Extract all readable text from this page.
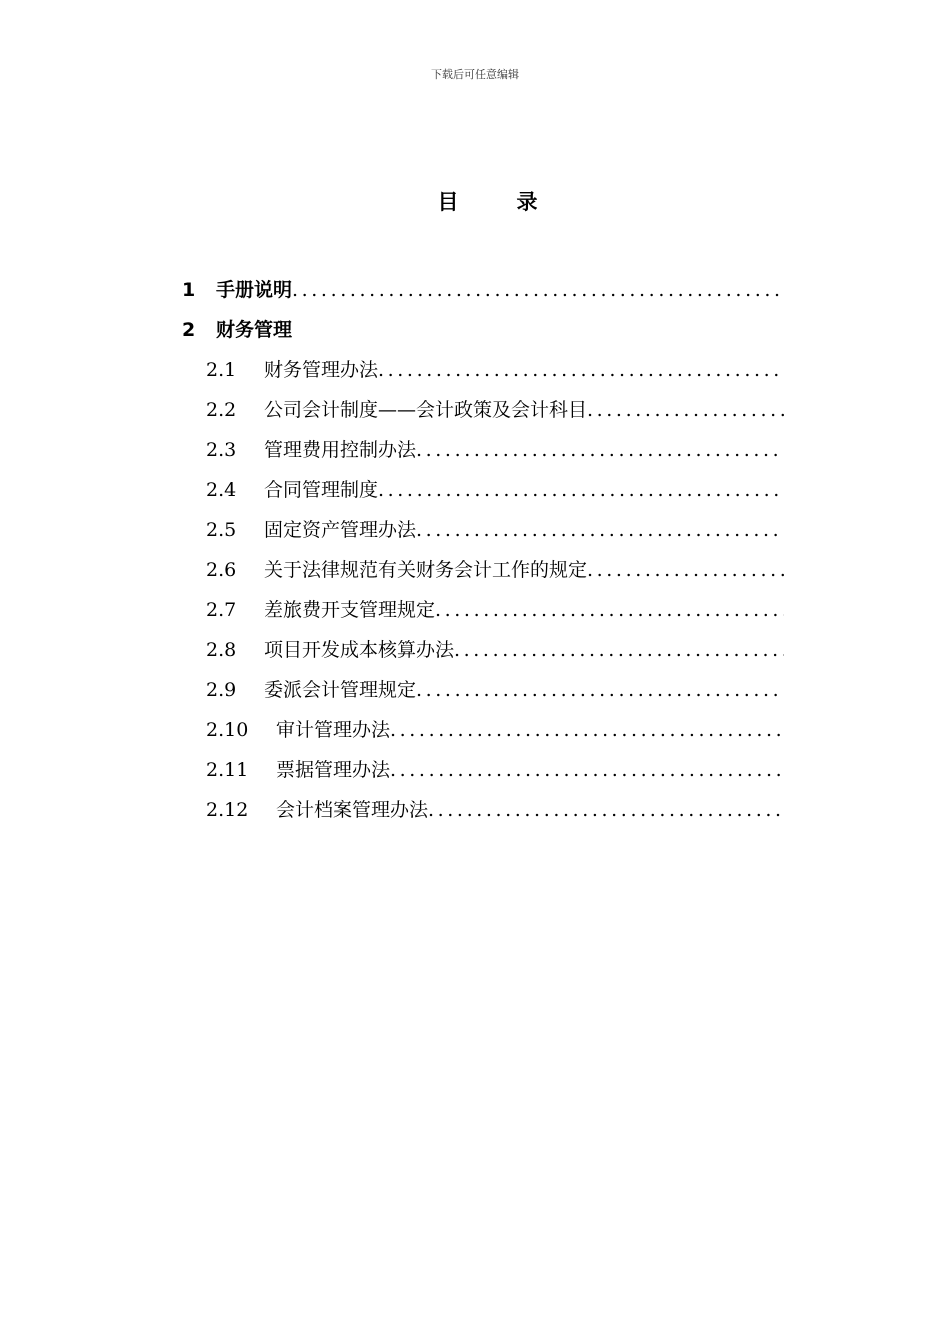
下载后可任意编辑
目	录
1	手册说明
.....
2	财务管理
2.1	财务管理办法
.....
2.2	公司会计制度——会计政策及会计科目
.....
2.3	管理费用控制办法
.....
2.4	合同管理制度
.....
2.5	固定资产管理办法
.....
2.6	关于法律规范有关财务会计工作的规定
.....
2.7	差旅费开支管理规定
.....
2.8	项目开发成本核算办法
.....
2.9	委派会计管理规定
.....
2.10	审计管理办法
.....
2.11	票据管理办法
.....
2.12	会计档案管理办法
.....
